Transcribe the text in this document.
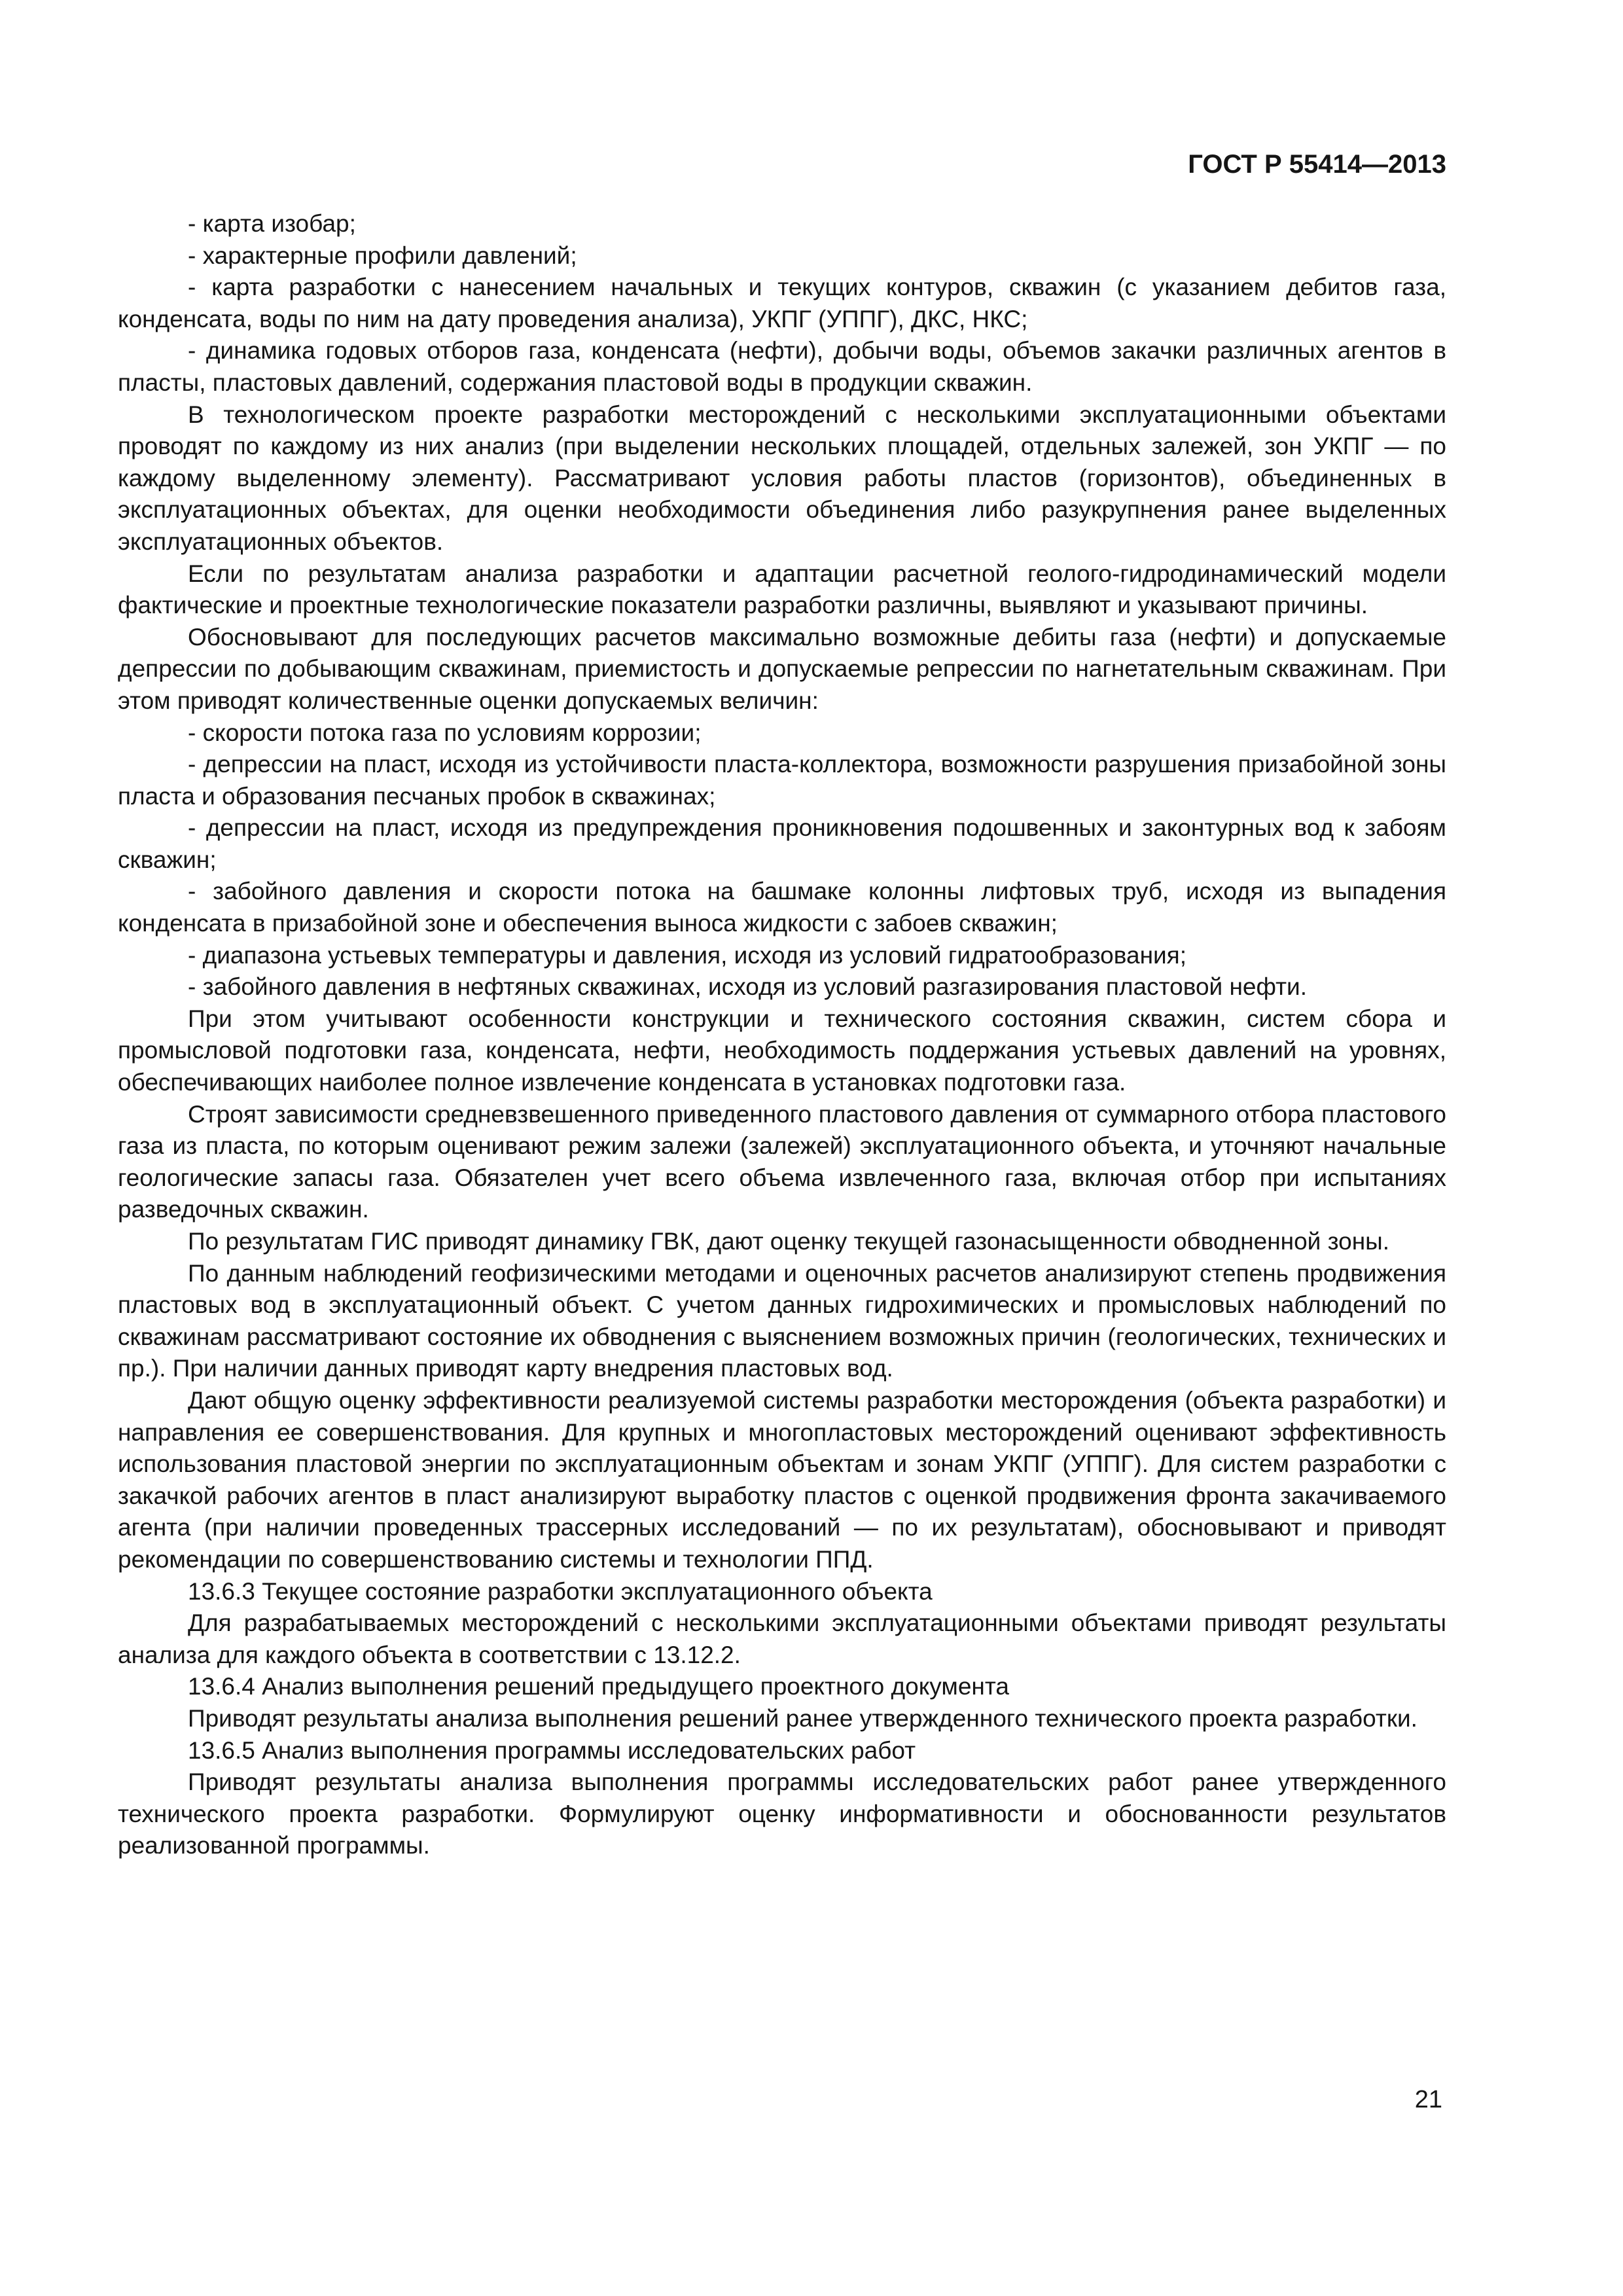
ГОСТ Р 55414—2013

- карта изобар;

- характерные профили давлений;

- карта разработки с нанесением начальных и текущих контуров, скважин (с указанием дебитов газа, конденсата, воды по ним на дату проведения анализа), УКПГ (УППГ), ДКС, НКС;

- динамика годовых отборов газа, конденсата (нефти), добычи воды, объемов закачки различных агентов в пласты, пластовых давлений, содержания пластовой воды в продукции скважин.

В технологическом проекте разработки месторождений с несколькими эксплуатационными объектами проводят по каждому из них анализ (при выделении нескольких площадей, отдельных залежей, зон УКПГ — по каждому выделенному элементу). Рассматривают условия работы пластов (горизонтов), объединенных в эксплуатационных объектах, для оценки необходимости объединения либо разукрупнения ранее выделенных эксплуатационных объектов.

Если по результатам анализа разработки и адаптации расчетной геолого-гидродинамический модели фактические и проектные технологические показатели разработки различны, выявляют и указывают причины.

Обосновывают для последующих расчетов максимально возможные дебиты газа (нефти) и допускаемые депрессии по добывающим скважинам, приемистость и допускаемые репрессии по нагнетательным скважинам. При этом приводят количественные оценки допускаемых величин:

- скорости потока газа по условиям коррозии;

- депрессии на пласт, исходя из устойчивости пласта-коллектора, возможности разрушения призабойной зоны пласта и образования песчаных пробок в скважинах;

- депрессии на пласт, исходя из предупреждения проникновения подошвенных и законтурных вод к забоям скважин;

- забойного давления и скорости потока на башмаке колонны лифтовых труб, исходя из выпадения конденсата в призабойной зоне и обеспечения выноса жидкости с забоев скважин;

- диапазона устьевых температуры и давления, исходя из условий гидратообразования;

- забойного давления в нефтяных скважинах, исходя из условий разгазирования пластовой нефти.

При этом учитывают особенности конструкции и технического состояния скважин, систем сбора и промысловой подготовки газа, конденсата, нефти, необходимость поддержания устьевых давлений на уровнях, обеспечивающих наиболее полное извлечение конденсата в установках подготовки газа.

Строят зависимости средневзвешенного приведенного пластового давления от суммарного отбора пластового газа из пласта, по которым оценивают режим залежи (залежей) эксплуатационного объекта, и уточняют начальные геологические запасы газа. Обязателен учет всего объема извлеченного газа, включая отбор при испытаниях разведочных скважин.

По результатам ГИС приводят динамику ГВК, дают оценку текущей газонасыщенности обводненной зоны.

По данным наблюдений геофизическими методами и оценочных расчетов анализируют степень продвижения пластовых вод в эксплуатационный объект. С учетом данных гидрохимических и промысловых наблюдений по скважинам рассматривают состояние их обводнения с выяснением возможных причин (геологических, технических и пр.). При наличии данных приводят карту внедрения пластовых вод.

Дают общую оценку эффективности реализуемой системы разработки месторождения (объекта разработки) и направления ее совершенствования. Для крупных и многопластовых месторождений оценивают эффективность использования пластовой энергии по эксплуатационным объектам и зонам УКПГ (УППГ). Для систем разработки с закачкой рабочих агентов в пласт анализируют выработку пластов с оценкой продвижения фронта закачиваемого агента (при наличии проведенных трассерных исследований — по их результатам), обосновывают и приводят рекомендации по совершенствованию системы и технологии ППД.

13.6.3 Текущее состояние разработки эксплуатационного объекта

Для разрабатываемых месторождений с несколькими эксплуатационными объектами приводят результаты анализа для каждого объекта в соответствии с 13.12.2.

13.6.4 Анализ выполнения решений предыдущего проектного документа

Приводят результаты анализа выполнения решений ранее утвержденного технического проекта разработки.

13.6.5 Анализ выполнения программы исследовательских работ

Приводят результаты анализа выполнения программы исследовательских работ ранее утвержденного технического проекта разработки. Формулируют оценку информативности и обоснованности результатов реализованной программы.

21
